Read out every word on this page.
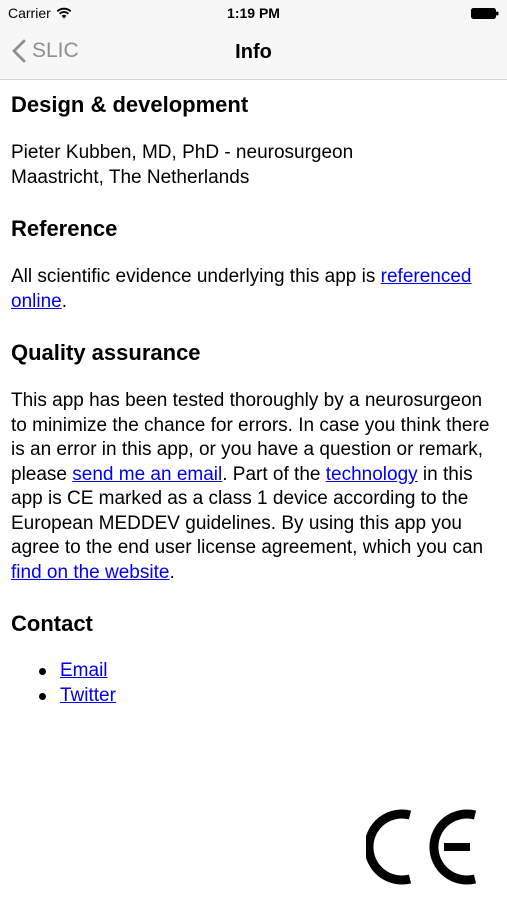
Carrier	1:19 PM
SLIC	Info
Design & development

Pieter Kubben, MD, PhD - neurosurgeon
Maastricht, The Netherlands

Reference

All scientific evidence underlying this app is referenced online.

Quality assurance

This app has been tested thoroughly by a neurosurgeon to minimize the chance for errors. In case you think there is an error in this app, or you have a question or remark, please send me an email. Part of the technology in this app is CE marked as a class 1 device according to the European MEDDEV guidelines. By using this app you agree to the end user license agreement, which you can find on the website.

Contact
Email
Twitter
